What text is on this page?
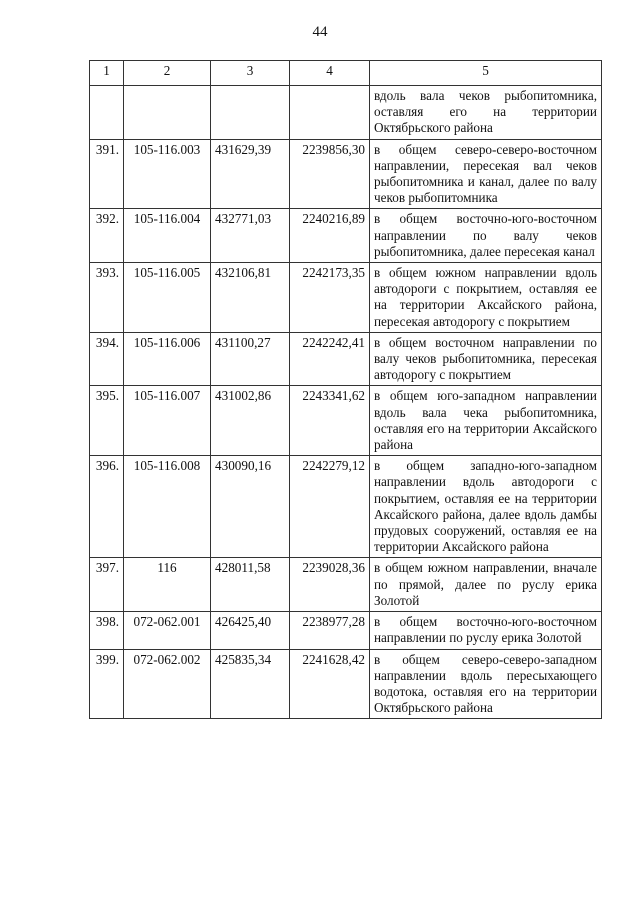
44
1	2	3	4	5
				вдоль вала чеков рыбопитомника, оставляя его на территории Октябрьского района
391.	105-116.003	431629,39	2239856,30	в общем северо-северо-восточном направлении, пересекая вал чеков рыбопитомника и канал, далее по валу чеков рыбопитомника
392.	105-116.004	432771,03	2240216,89	в общем восточно-юго-восточном направлении по валу чеков рыбопитомника, далее пересекая канал
393.	105-116.005	432106,81	2242173,35	в общем южном направлении вдоль автодороги с покрытием, оставляя ее на территории Аксайского района, пересекая автодорогу с покрытием
394.	105-116.006	431100,27	2242242,41	в общем восточном направлении по валу чеков рыбопитомника, пересекая автодорогу с покрытием
395.	105-116.007	431002,86	2243341,62	в общем юго-западном направлении вдоль вала чека рыбопитомника, оставляя его на территории Аксайского района
396.	105-116.008	430090,16	2242279,12	в общем западно-юго-западном направлении вдоль автодороги с покрытием, оставляя ее на территории Аксайского района, далее вдоль дамбы прудовых сооружений, оставляя ее на территории Аксайского района
397.	116	428011,58	2239028,36	в общем южном направлении, вначале по прямой, далее по руслу ерика Золотой
398.	072-062.001	426425,40	2238977,28	в общем восточно-юго-восточном направлении по руслу ерика Золотой
399.	072-062.002	425835,34	2241628,42	в общем северо-северо-западном направлении вдоль пересыхающего водотока, оставляя его на территории Октябрьского района
